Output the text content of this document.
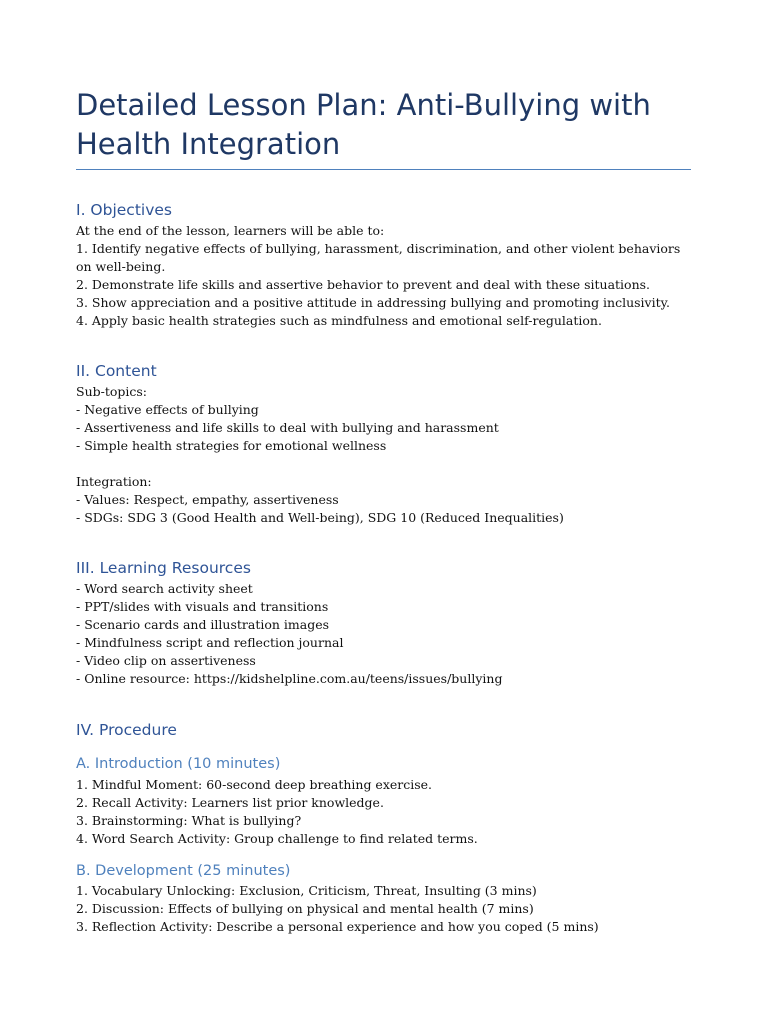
Detailed Lesson Plan: Anti-Bullying with Health Integration
I. Objectives

At the end of the lesson, learners will be able to:

1. Identify negative effects of bullying, harassment, discrimination, and other violent behaviors on well-being.

2. Demonstrate life skills and assertive behavior to prevent and deal with these situations.

3. Show appreciation and a positive attitude in addressing bullying and promoting inclusivity.

4. Apply basic health strategies such as mindfulness and emotional self-regulation.

II. Content

Sub-topics:

- Negative effects of bullying

- Assertiveness and life skills to deal with bullying and harassment

- Simple health strategies for emotional wellness

Integration:

- Values: Respect, empathy, assertiveness

- SDGs: SDG 3 (Good Health and Well-being), SDG 10 (Reduced Inequalities)

III. Learning Resources

- Word search activity sheet

- PPT/slides with visuals and transitions

- Scenario cards and illustration images

- Mindfulness script and reflection journal

- Video clip on assertiveness

- Online resource: https://kidshelpline.com.au/teens/issues/bullying

IV. Procedure
A. Introduction (10 minutes)

1. Mindful Moment: 60-second deep breathing exercise.

2. Recall Activity: Learners list prior knowledge.

3. Brainstorming: What is bullying?

4. Word Search Activity: Group challenge to find related terms.

B. Development (25 minutes)

1. Vocabulary Unlocking: Exclusion, Criticism, Threat, Insulting (3 mins)

2. Discussion: Effects of bullying on physical and mental health (7 mins)

3. Reflection Activity: Describe a personal experience and how you coped (5 mins)
